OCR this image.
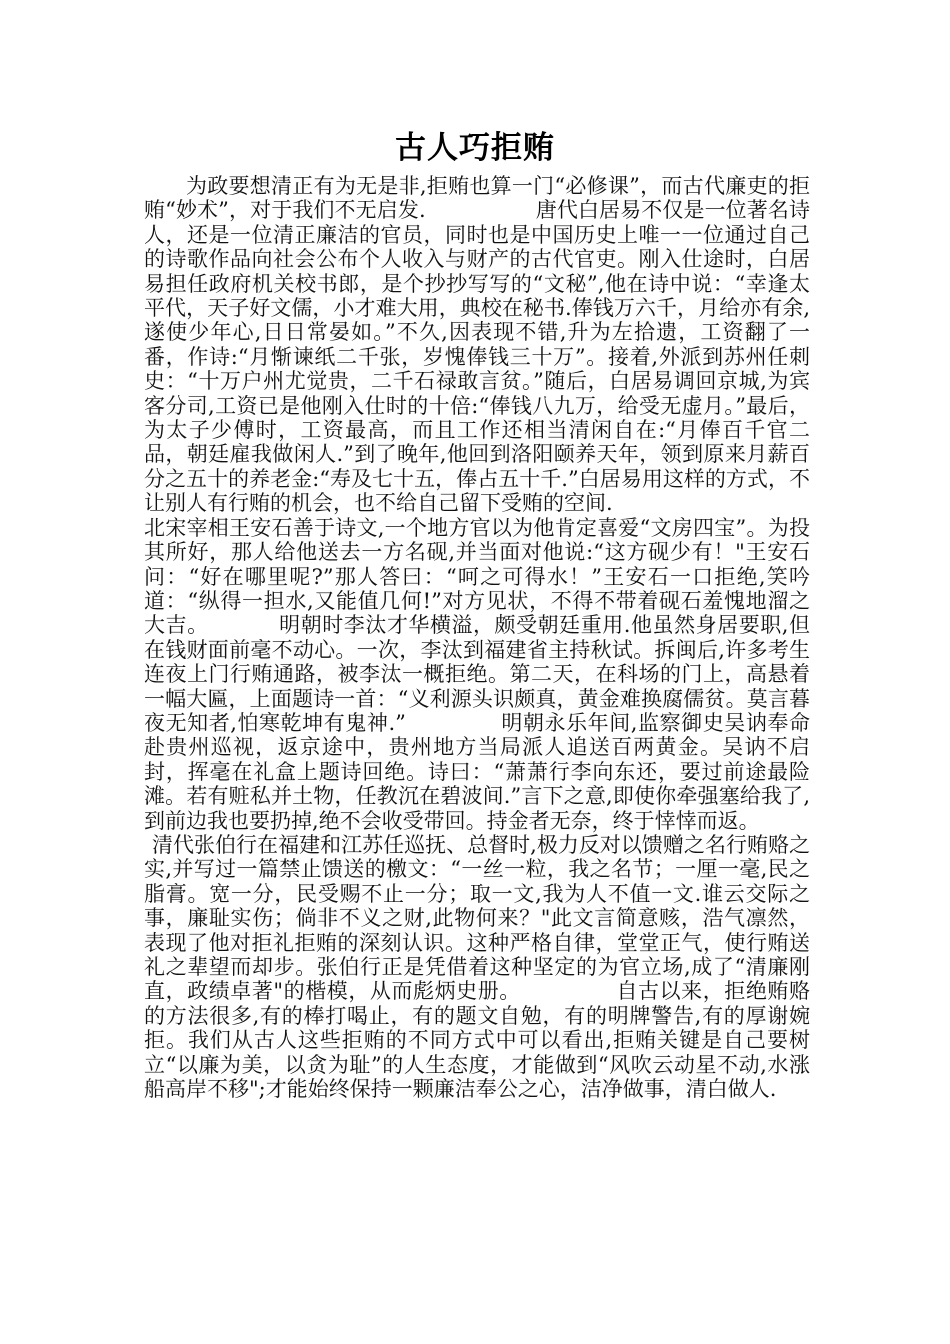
古人巧拒贿

为政要想清正有为无是非,拒贿也算一门“必修课”，而古代廉吏的拒贿“妙术”，对于我们不无启发.	唐代白居易不仅是一位著名诗人，还是一位清正廉洁的官员，同时也是中国历史上唯一一位通过自己的诗歌作品向社会公布个人收入与财产的古代官吏。刚入仕途时，白居易担任政府机关校书郎，是个抄抄写写的“文秘”,他在诗中说：“幸逢太平代，天子好文儒，小才难大用，典校在秘书.俸钱万六千，月给亦有余,遂使少年心,日日常晏如。”不久,因表现不错,升为左拾遗，工资翻了一番，作诗:“月惭谏纸二千张，岁愧俸钱三十万”。接着,外派到苏州任刺史：“十万户州尤觉贵，二千石禄敢言贫。”随后，白居易调回京城,为宾客分司,工资已是他刚入仕时的十倍:“俸钱八九万，给受无虚月。”最后，为太子少傅时，工资最高，而且工作还相当清闲自在:“月俸百千官二品，朝廷雇我做闲人.”到了晚年,他回到洛阳颐养天年，领到原来月薪百分之五十的养老金:“寿及七十五，俸占五十千.”白居易用这样的方式，不让别人有行贿的机会，也不给自己留下受贿的空间.

北宋宰相王安石善于诗文,一个地方官以为他肯定喜爱“文房四宝”。为投其所好，那人给他送去一方名砚,并当面对他说:“这方砚少有！"王安石问：“好在哪里呢?”那人答曰：“呵之可得水！”王安石一口拒绝,笑吟道：“纵得一担水,又能值几何!”对方见状，不得不带着砚石羞愧地溜之大吉。	明朝时李汰才华横溢，颇受朝廷重用.他虽然身居要职,但在钱财面前毫不动心。一次，李汰到福建省主持秋试。拆闽后,许多考生连夜上门行贿通路，被李汰一概拒绝。第二天，在科场的门上，高悬着一幅大匾，上面题诗一首：“义利源头识颇真，黄金难换腐儒贫。莫言暮夜无知者,怕寒乾坤有鬼神.”	明朝永乐年间,监察御史吴讷奉命赴贵州巡视，返京途中，贵州地方当局派人追送百两黄金。吴讷不启封，挥毫在礼盒上题诗回绝。诗曰：“萧萧行李向东还，要过前途最险滩。若有赃私并土物，任教沉在碧波间.”言下之意,即使你牵强塞给我了,到前边我也要扔掉,绝不会收受带回。持金者无奈，终于悻悻而返。

清代张伯行在福建和江苏任巡抚、总督时,极力反对以馈赠之名行贿赂之实,并写过一篇禁止馈送的檄文：“一丝一粒，我之名节；一厘一毫,民之脂膏。宽一分，民受赐不止一分；取一文,我为人不值一文.谁云交际之事，廉耻实伤；倘非不义之财,此物何来？"此文言简意赅，浩气凛然，表现了他对拒礼拒贿的深刻认识。这种严格自律，堂堂正气，使行贿送礼之辈望而却步。张伯行正是凭借着这种坚定的为官立场,成了“清廉刚直，政绩卓著"的楷模，从而彪炳史册。	自古以来，拒绝贿赂的方法很多,有的棒打喝止，有的题文自勉，有的明牌警告,有的厚谢婉拒。我们从古人这些拒贿的不同方式中可以看出,拒贿关键是自己要树立“以廉为美，以贪为耻”的人生态度，才能做到“风吹云动星不动,水涨船高岸不移";才能始终保持一颗廉洁奉公之心，洁净做事，清白做人.
